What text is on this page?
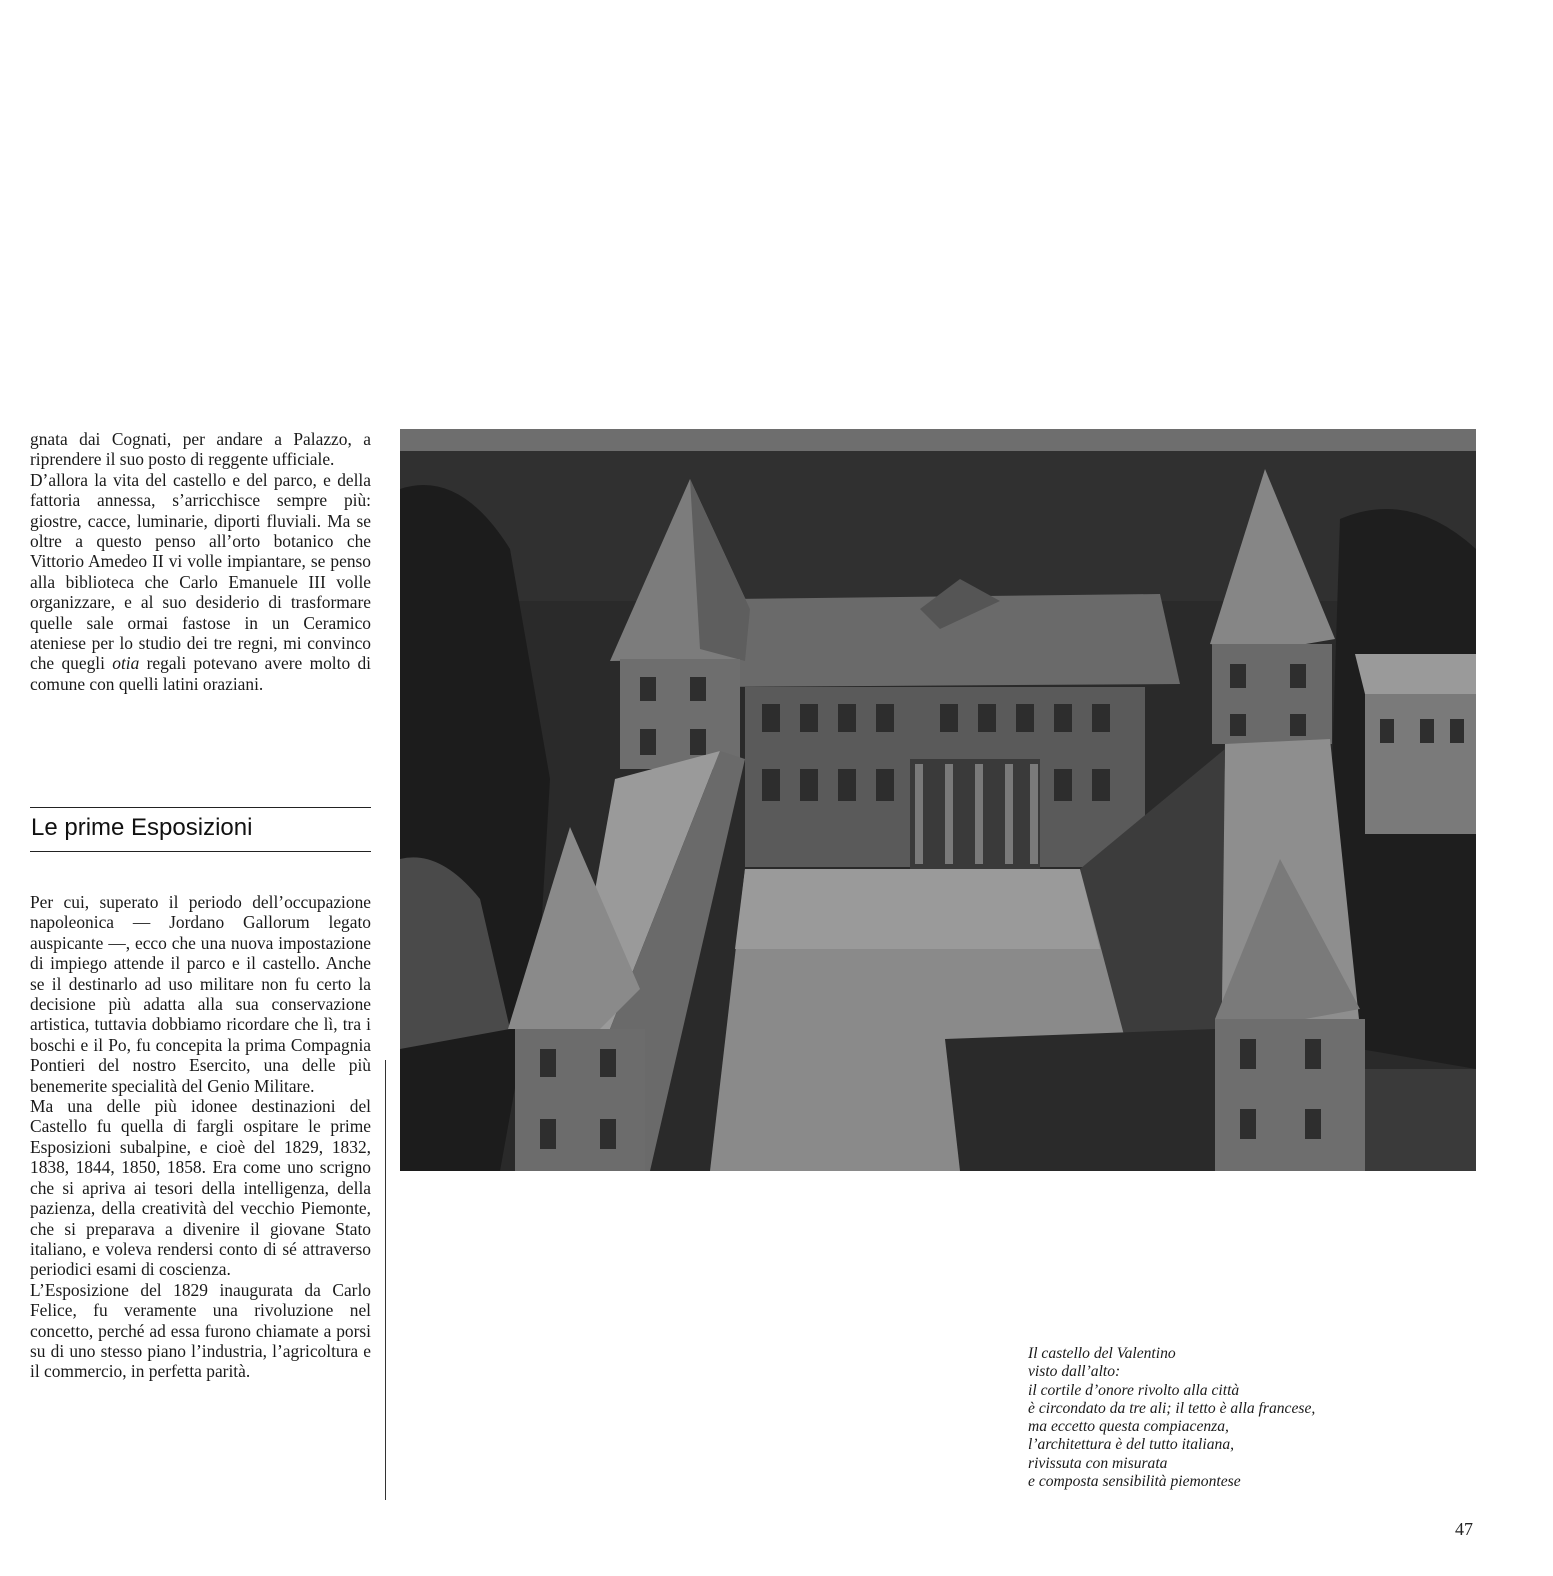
gnata dai Cognati, per andare a Palazzo, a riprendere il suo posto di reggente ufficiale.

D’allora la vita del castello e del parco, e della fattoria annessa, s’arricchisce sempre più: giostre, cacce, luminarie, diporti fluviali. Ma se oltre a questo penso all’orto botanico che Vittorio Amedeo II vi volle impiantare, se penso alla biblioteca che Carlo Emanuele III volle organizzare, e al suo desiderio di trasformare quelle sale ormai fastose in un Ceramico ateniese per lo studio dei tre regni, mi convinco che quegli otia regali potevano avere molto di comune con quelli latini oraziani.

Le prime Esposizioni

Per cui, superato il periodo dell’occupazione napoleonica — Jordano Gallorum legato auspicante —, ecco che una nuova impostazione di impiego attende il parco e il castello. Anche se il destinarlo ad uso militare non fu certo la decisione più adatta alla sua conservazione artistica, tuttavia dobbiamo ricordare che lì, tra i boschi e il Po, fu concepita la prima Compagnia Pontieri del nostro Esercito, una delle più benemerite specialità del Genio Militare.

Ma una delle più idonee destinazioni del Castello fu quella di fargli ospitare le prime Esposizioni subalpine, e cioè del 1829, 1832, 1838, 1844, 1850, 1858. Era come uno scrigno che si apriva ai tesori della intelligenza, della pazienza, della creatività del vecchio Piemonte, che si preparava a divenire il giovane Stato italiano, e voleva rendersi conto di sé attraverso periodici esami di coscienza.

L’Esposizione del 1829 inaugurata da Carlo Felice, fu veramente una rivoluzione nel concetto, perché ad essa furono chiamate a porsi su di uno stesso piano l’industria, l’agricoltura e il commercio, in perfetta parità.

Il castello del Valentino
visto dall’alto:
il cortile d’onore rivolto alla città
è circondato da tre ali; il tetto è alla francese,
ma eccetto questa compiacenza,
l’architettura è del tutto italiana,
rivissuta con misurata
e composta sensibilità piemontese
47
